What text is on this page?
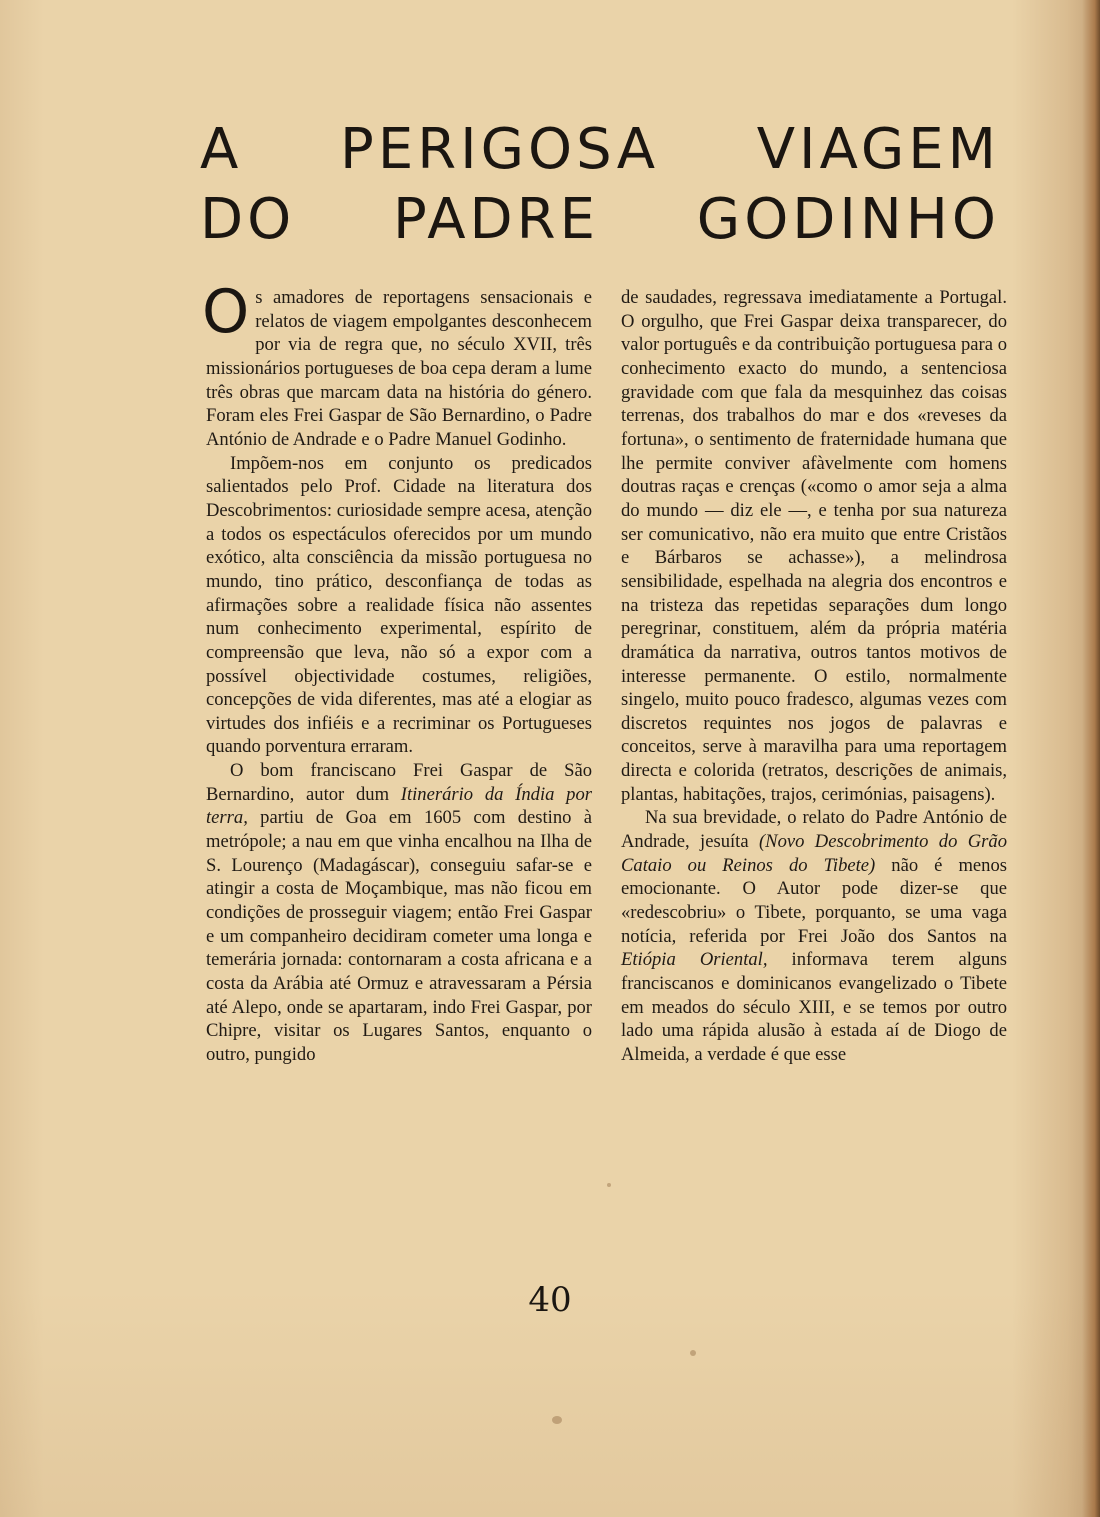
A PERIGOSA VIAGEM
DO PADRE GODINHO

Os amadores de reportagens sensacionais e relatos de viagem empolgantes desconhecem por via de regra que, no século XVII, três missionários portugueses de boa cepa deram a lume três obras que marcam data na história do género. Foram eles Frei Gaspar de São Bernardino, o Padre António de Andrade e o Padre Manuel Godinho.

Impõem-nos em conjunto os predicados salientados pelo Prof. Cidade na literatura dos Descobrimentos: curiosidade sempre acesa, atenção a todos os espectáculos oferecidos por um mundo exótico, alta consciência da missão portuguesa no mundo, tino prático, desconfiança de todas as afirmações sobre a realidade física não assentes num conhecimento experimental, espírito de compreensão que leva, não só a expor com a possível objectividade costumes, religiões, concepções de vida diferentes, mas até a elogiar as virtudes dos infiéis e a recriminar os Portugueses quando porventura erraram.

O bom franciscano Frei Gaspar de São Bernardino, autor dum Itinerário da Índia por terra, partiu de Goa em 1605 com destino à metrópole; a nau em que vinha encalhou na Ilha de S. Lourenço (Madagáscar), conseguiu safar-se e atingir a costa de Moçambique, mas não ficou em condições de prosseguir viagem; então Frei Gaspar e um companheiro decidiram cometer uma longa e temerária jornada: contornaram a costa africana e a costa da Arábia até Ormuz e atravessaram a Pérsia até Alepo, onde se apartaram, indo Frei Gaspar, por Chipre, visitar os Lugares Santos, enquanto o outro, pungido

de saudades, regressava imediatamente a Portugal. O orgulho, que Frei Gaspar deixa transparecer, do valor português e da contribuição portuguesa para o conhecimento exacto do mundo, a sentenciosa gravidade com que fala da mesquinhez das coisas terrenas, dos trabalhos do mar e dos «reveses da fortuna», o sentimento de fraternidade humana que lhe permite conviver afàvelmente com homens doutras raças e crenças («como o amor seja a alma do mundo — diz ele —, e tenha por sua natureza ser comunicativo, não era muito que entre Cristãos e Bárbaros se achasse»), a melindrosa sensibilidade, espelhada na alegria dos encontros e na tristeza das repetidas separações dum longo peregrinar, constituem, além da própria matéria dramática da narrativa, outros tantos motivos de interesse permanente. O estilo, normalmente singelo, muito pouco fradesco, algumas vezes com discretos requintes nos jogos de palavras e conceitos, serve à maravilha para uma reportagem directa e colorida (retratos, descrições de animais, plantas, habitações, trajos, cerimónias, paisagens).

Na sua brevidade, o relato do Padre António de Andrade, jesuíta (Novo Descobrimento do Grão Cataio ou Reinos do Tibete) não é menos emocionante. O Autor pode dizer-se que «redescobriu» o Tibete, porquanto, se uma vaga notícia, referida por Frei João dos Santos na Etiópia Oriental, informava terem alguns franciscanos e dominicanos evangelizado o Tibete em meados do século XIII, e se temos por outro lado uma rápida alusão à estada aí de Diogo de Almeida, a verdade é que esse

40
